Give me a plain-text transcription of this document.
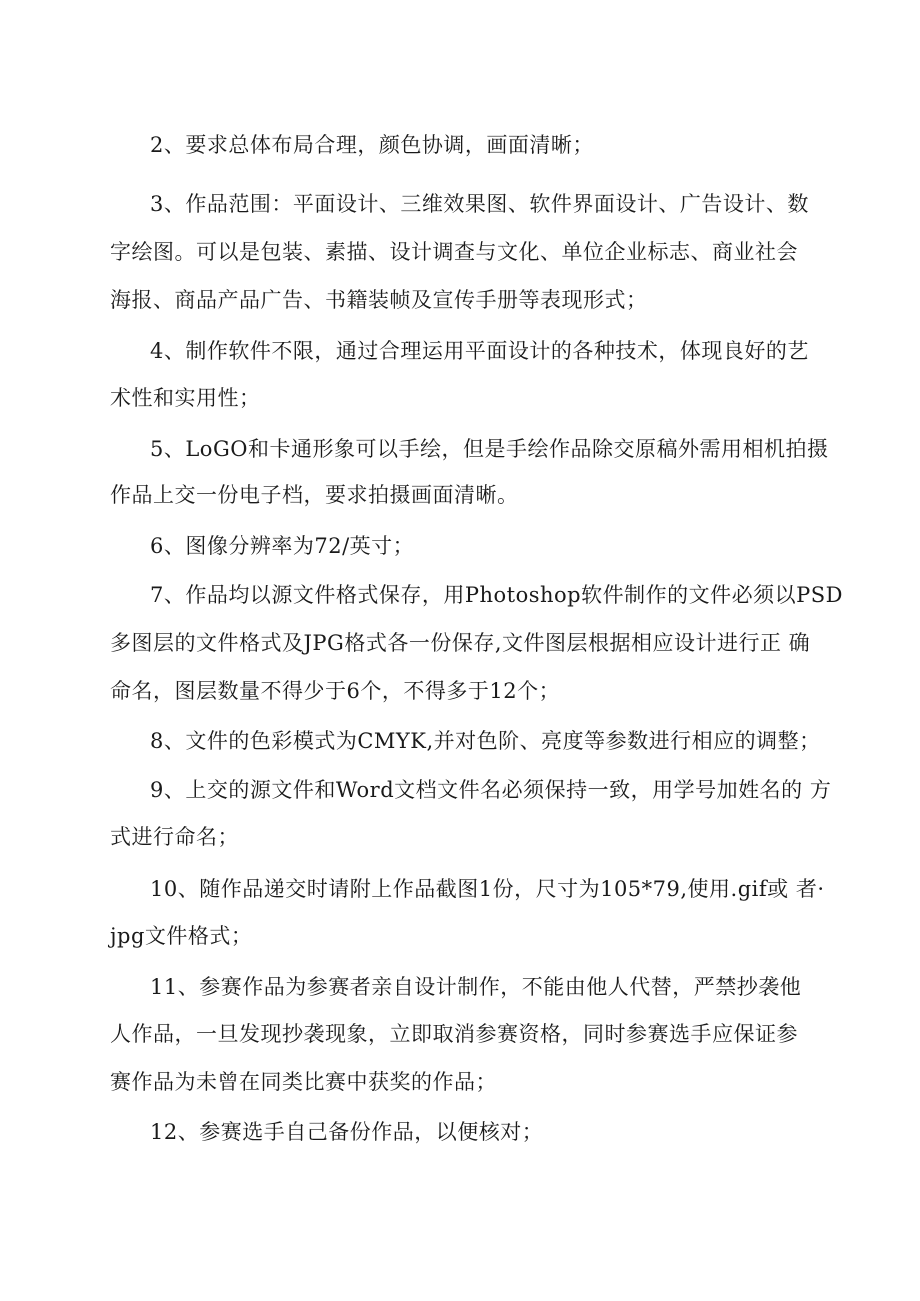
2、要求总体布局合理，颜色协调，画面清晰；
3、作品范围：平面设计、三维效果图、软件界面设计、广告设计、数
字绘图。可以是包装、素描、设计调查与文化、单位企业标志、商业社会
海报、商品产品广告、书籍装帧及宣传手册等表现形式；
4、制作软件不限，通过合理运用平面设计的各种技术，体现良好的艺
术性和实用性；
5、LoGO和卡通形象可以手绘，但是手绘作品除交原稿外需用相机拍摄
作品上交一份电子档，要求拍摄画面清晰。
6、图像分辨率为72/英寸；
7、作品均以源文件格式保存，用Photoshop软件制作的文件必须以PSD
多图层的文件格式及JPG格式各一份保存,文件图层根据相应设计进行正 确
命名，图层数量不得少于6个，不得多于12个；
8、文件的色彩模式为CMYK,并对色阶、亮度等参数进行相应的调整；
9、上交的源文件和Word文档文件名必须保持一致，用学号加姓名的 方
式进行命名；
10、随作品递交时请附上作品截图1份，尺寸为105*79,使用.gif或 者·
jpg文件格式；
11、参赛作品为参赛者亲自设计制作，不能由他人代替，严禁抄袭他
人作品，一旦发现抄袭现象，立即取消参赛资格，同时参赛选手应保证参
赛作品为未曾在同类比赛中获奖的作品；
12、参赛选手自己备份作品，以便核对；
